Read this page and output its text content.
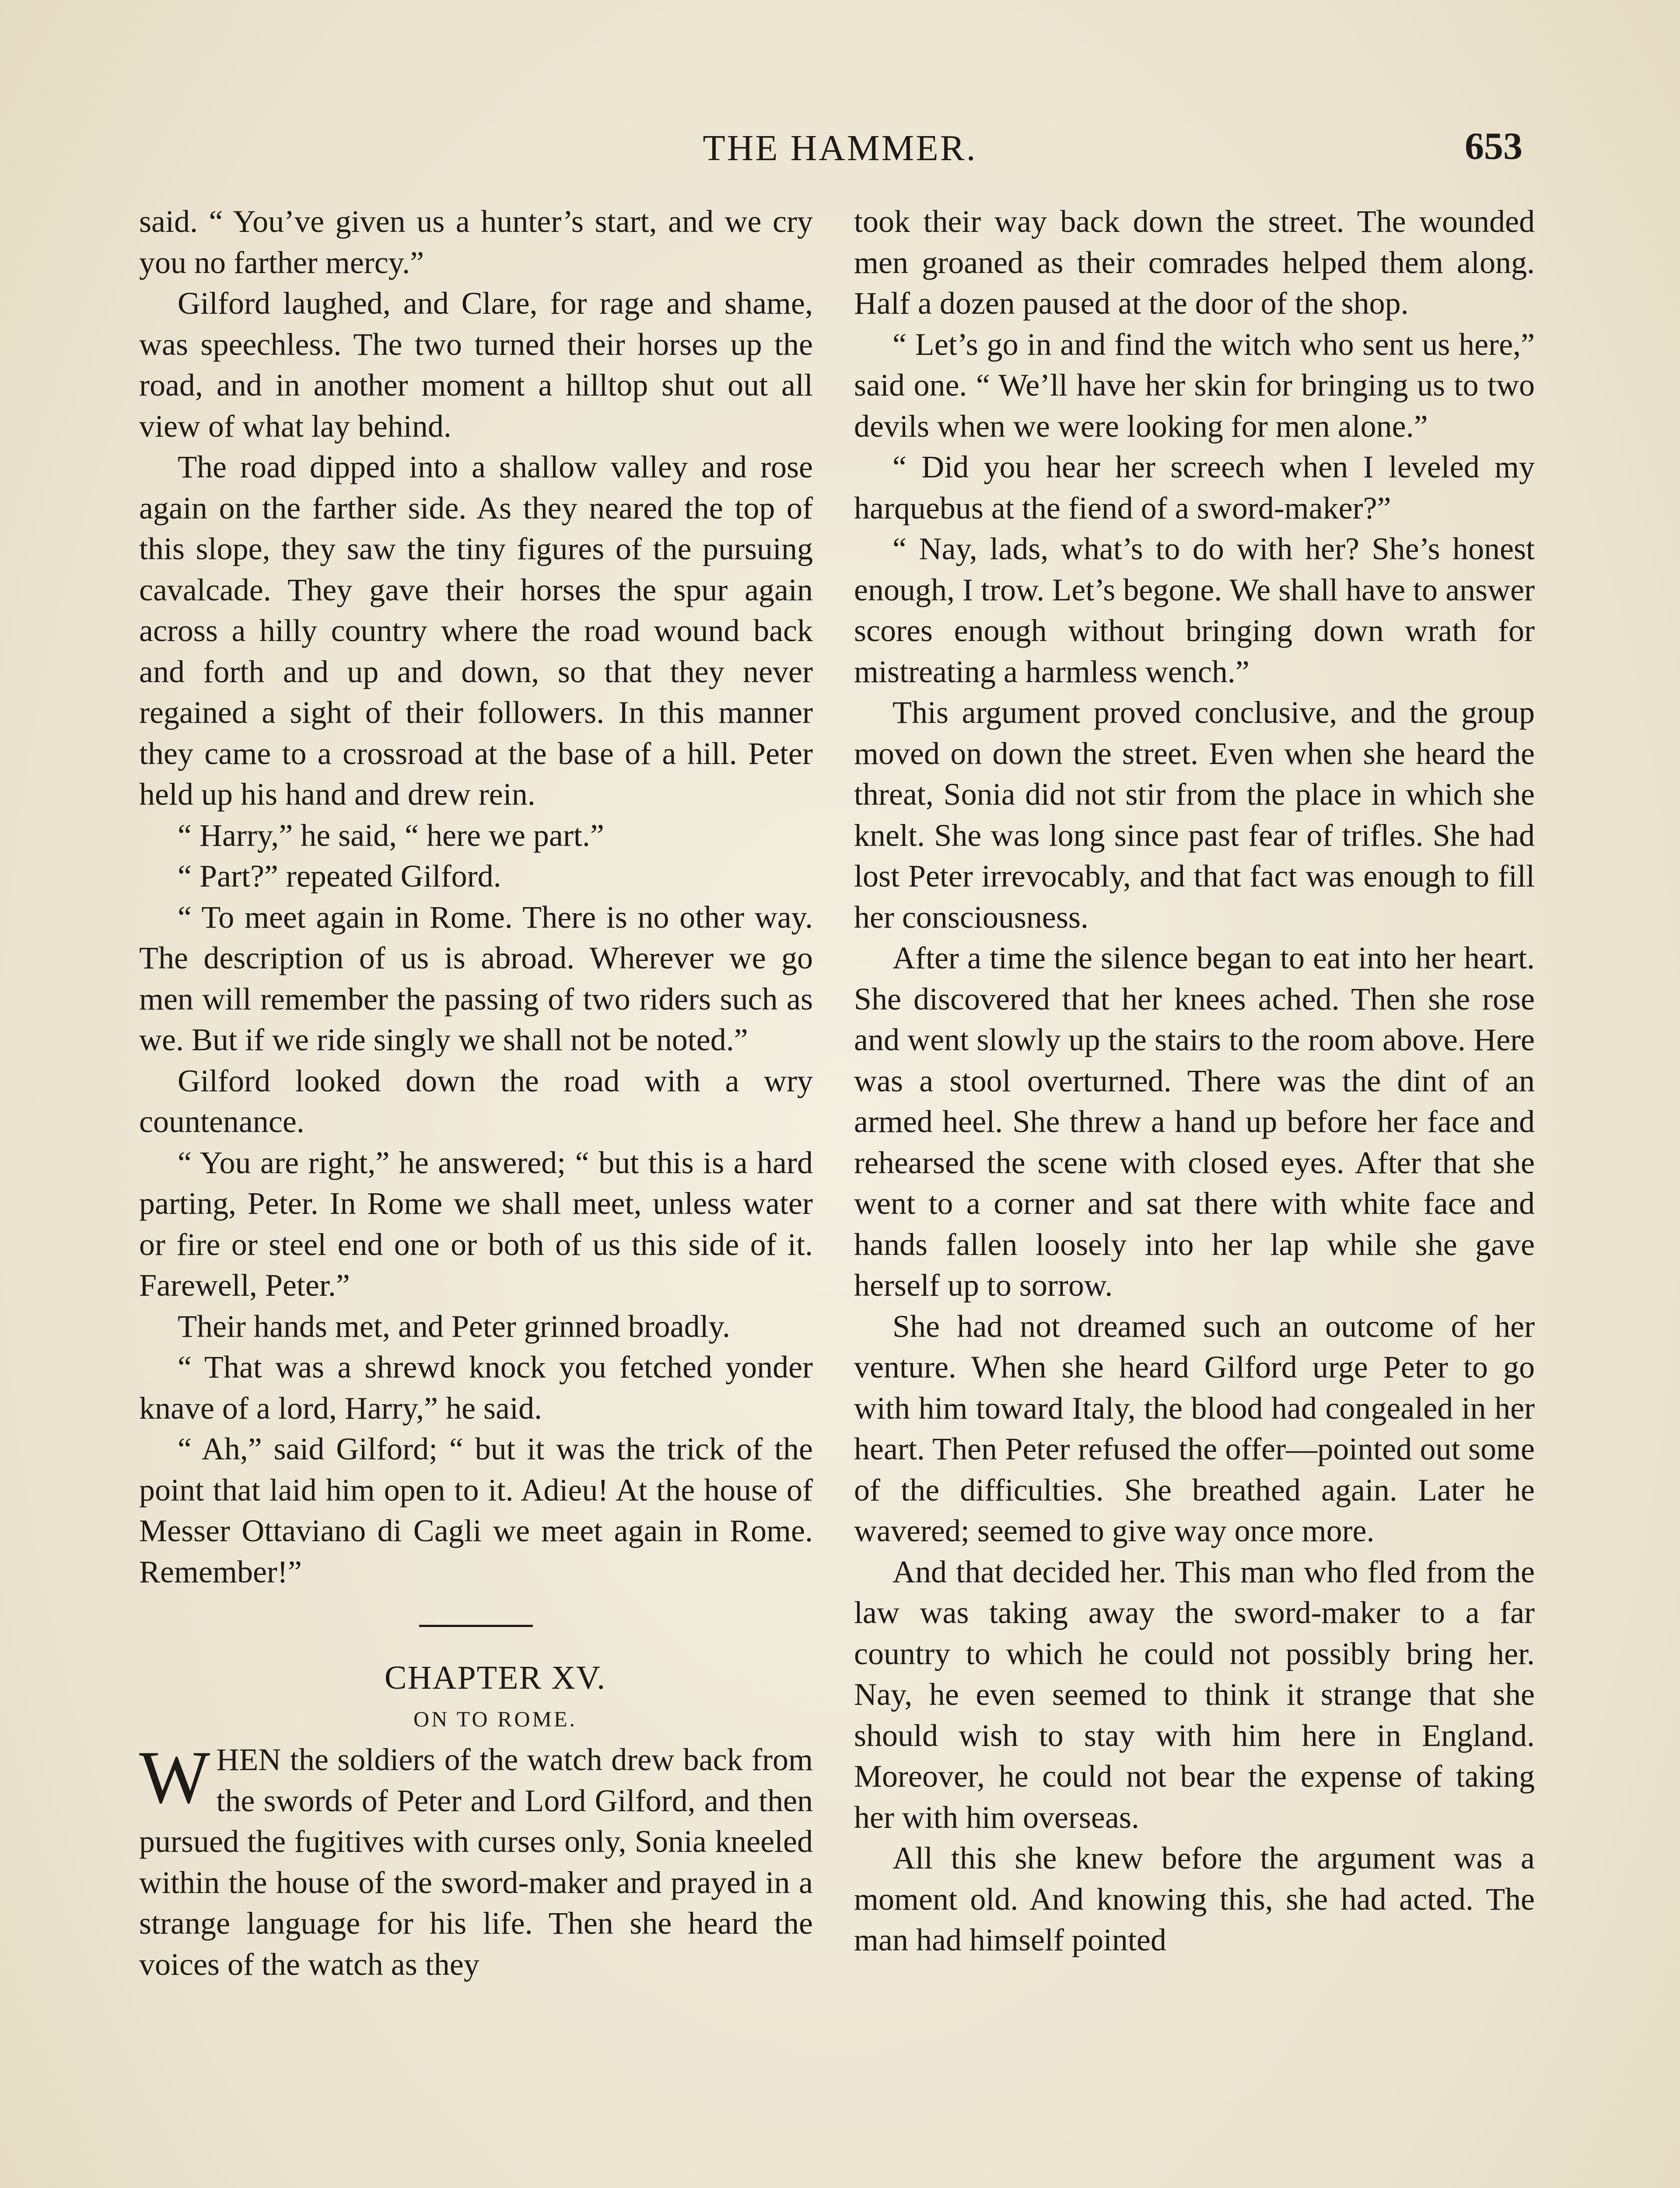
THE HAMMER.	653

said. “ You’ve given us a hunter’s start, and we cry you no farther mercy.”

Gilford laughed, and Clare, for rage and shame, was speechless. The two turned their horses up the road, and in another moment a hilltop shut out all view of what lay behind.

The road dipped into a shallow valley and rose again on the farther side. As they neared the top of this slope, they saw the tiny figures of the pursuing cavalcade. They gave their horses the spur again across a hilly country where the road wound back and forth and up and down, so that they never regained a sight of their followers. In this manner they came to a crossroad at the base of a hill. Peter held up his hand and drew rein.

“ Harry,” he said, “ here we part.”

“ Part?” repeated Gilford.

“ To meet again in Rome. There is no other way. The description of us is abroad. Wherever we go men will remember the passing of two riders such as we. But if we ride singly we shall not be noted.”

Gilford looked down the road with a wry countenance.

“ You are right,” he answered; “ but this is a hard parting, Peter. In Rome we shall meet, unless water or fire or steel end one or both of us this side of it. Farewell, Peter.”

Their hands met, and Peter grinned broadly.

“ That was a shrewd knock you fetched yonder knave of a lord, Harry,” he said.

“ Ah,” said Gilford; “ but it was the trick of the point that laid him open to it. Adieu! At the house of Messer Ottaviano di Cagli we meet again in Rome. Remember!”

CHAPTER XV.

ON TO ROME.

WHEN the soldiers of the watch drew back from the swords of Peter and Lord Gilford, and then pursued the fugitives with curses only, Sonia kneeled within the house of the sword-maker and prayed in a strange language for his life. Then she heard the voices of the watch as they

took their way back down the street. The wounded men groaned as their comrades helped them along. Half a dozen paused at the door of the shop.

“ Let’s go in and find the witch who sent us here,” said one. “ We’ll have her skin for bringing us to two devils when we were looking for men alone.”

“ Did you hear her screech when I leveled my harquebus at the fiend of a sword-maker?”

“ Nay, lads, what’s to do with her? She’s honest enough, I trow. Let’s begone. We shall have to answer scores enough without bringing down wrath for mistreating a harmless wench.”

This argument proved conclusive, and the group moved on down the street. Even when she heard the threat, Sonia did not stir from the place in which she knelt. She was long since past fear of trifles. She had lost Peter irrevocably, and that fact was enough to fill her consciousness.

After a time the silence began to eat into her heart. She discovered that her knees ached. Then she rose and went slowly up the stairs to the room above. Here was a stool overturned. There was the dint of an armed heel. She threw a hand up before her face and rehearsed the scene with closed eyes. After that she went to a corner and sat there with white face and hands fallen loosely into her lap while she gave herself up to sorrow.

She had not dreamed such an outcome of her venture. When she heard Gilford urge Peter to go with him toward Italy, the blood had congealed in her heart. Then Peter refused the offer—pointed out some of the difficulties. She breathed again. Later he wavered; seemed to give way once more.

And that decided her. This man who fled from the law was taking away the sword-maker to a far country to which he could not possibly bring her. Nay, he even seemed to think it strange that she should wish to stay with him here in England. Moreover, he could not bear the expense of taking her with him overseas.

All this she knew before the argument was a moment old. And knowing this, she had acted. The man had himself pointed
